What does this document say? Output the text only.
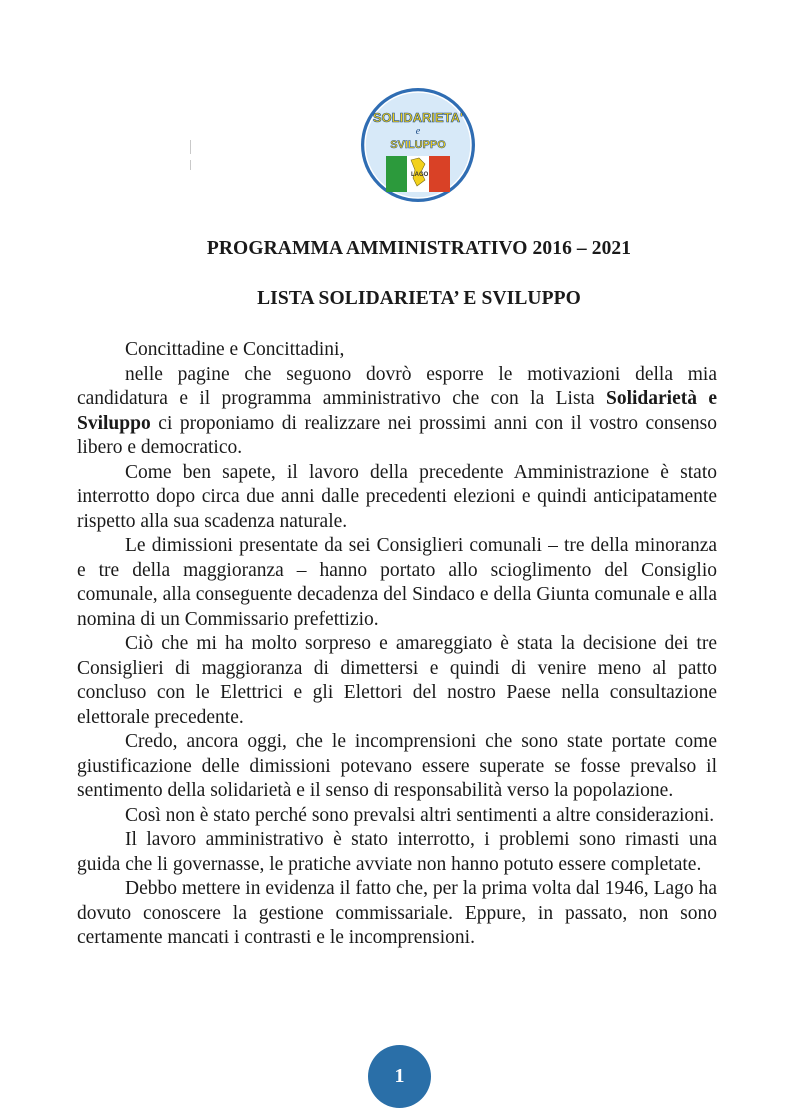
LAGO
SOLIDARIETA'
e
SVILUPPO
PROGRAMMA AMMINISTRATIVO 2016 – 2021
LISTA SOLIDARIETA’ E SVILUPPO
Concittadine e Concittadini,

nelle pagine che seguono dovrò esporre le motivazioni della mia candidatura e il programma amministrativo che con la Lista Solidarietà e Sviluppo ci proponiamo di realizzare nei prossimi anni con il vostro consenso libero e democratico.

Come ben sapete, il lavoro della precedente Amministrazione è stato interrotto dopo circa due anni dalle precedenti elezioni e quindi anticipatamente rispetto alla sua scadenza naturale.

Le dimissioni presentate da sei Consiglieri comunali – tre della minoranza e tre della maggioranza – hanno portato allo scioglimento del Consiglio comunale, alla conseguente decadenza del Sindaco e della Giunta comunale e alla nomina di un Commissario prefettizio.

Ciò che mi ha molto sorpreso e amareggiato è stata la decisione dei tre Consiglieri di maggioranza di dimettersi e quindi di venire meno al patto concluso con le Elettrici e gli Elettori del nostro Paese nella consultazione elettorale precedente.

Credo, ancora oggi, che le incomprensioni che sono state portate come giustificazione delle dimissioni potevano essere superate se fosse prevalso il sentimento della solidarietà e il senso di responsabilità verso la popolazione.

Così non è stato perché sono prevalsi altri sentimenti a altre considerazioni.

Il lavoro amministrativo è stato interrotto, i problemi sono rimasti una guida che li governasse, le pratiche avviate non hanno potuto essere completate.

Debbo mettere in evidenza il fatto che, per la prima volta dal 1946, Lago ha dovuto conoscere la gestione commissariale. Eppure, in passato, non sono certamente mancati i contrasti e le incomprensioni.

1
